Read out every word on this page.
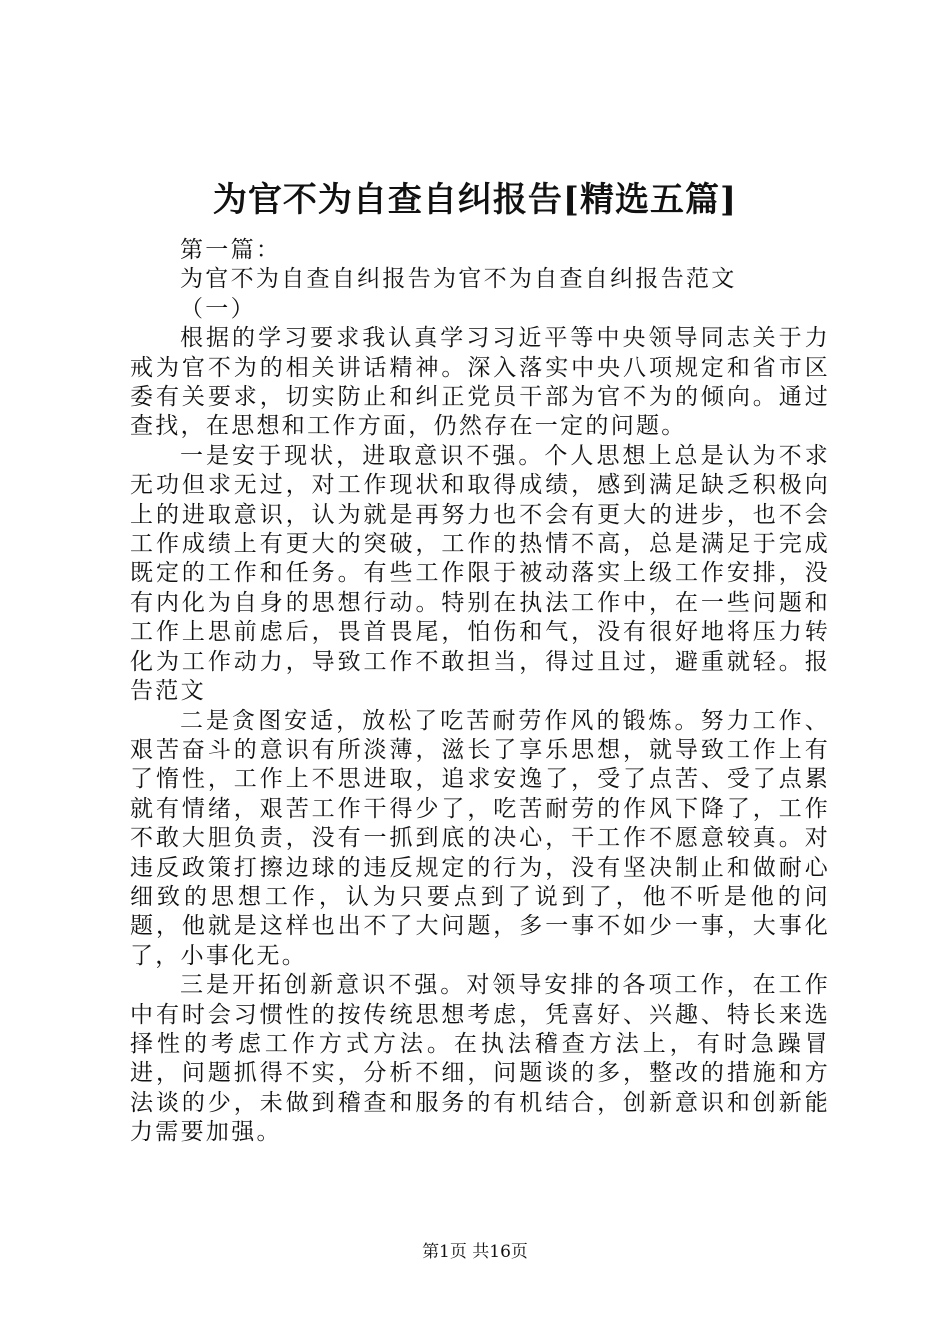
为官不为自查自纠报告[精选五篇]

第一篇：

为官不为自查自纠报告为官不为自查自纠报告范文

（一）

根据的学习要求我认真学习习近平等中央领导同志关于力戒为官不为的相关讲话精神。深入落实中央八项规定和省市区委有关要求，切实防止和纠正党员干部为官不为的倾向。通过查找，在思想和工作方面，仍然存在一定的问题。

一是安于现状，进取意识不强。个人思想上总是认为不求无功但求无过，对工作现状和取得成绩，感到满足缺乏积极向上的进取意识，认为就是再努力也不会有更大的进步，也不会工作成绩上有更大的突破，工作的热情不高，总是满足于完成既定的工作和任务。有些工作限于被动落实上级工作安排，没有内化为自身的思想行动。特别在执法工作中，在一些问题和工作上思前虑后，畏首畏尾，怕伤和气，没有很好地将压力转化为工作动力，导致工作不敢担当，得过且过，避重就轻。报告范文

二是贪图安适，放松了吃苦耐劳作风的锻炼。努力工作、艰苦奋斗的意识有所淡薄，滋长了享乐思想，就导致工作上有了惰性，工作上不思进取，追求安逸了，受了点苦、受了点累就有情绪，艰苦工作干得少了，吃苦耐劳的作风下降了，工作不敢大胆负责，没有一抓到底的决心，干工作不愿意较真。对违反政策打擦边球的违反规定的行为，没有坚决制止和做耐心细致的思想工作，认为只要点到了说到了，他不听是他的问题，他就是这样也出不了大问题，多一事不如少一事，大事化了，小事化无。

三是开拓创新意识不强。对领导安排的各项工作，在工作中有时会习惯性的按传统思想考虑，凭喜好、兴趣、特长来选择性的考虑工作方式方法。在执法稽查方法上，有时急躁冒进，问题抓得不实，分析不细，问题谈的多，整改的措施和方法谈的少，未做到稽查和服务的有机结合，创新意识和创新能力需要加强。

第1页 共16页
